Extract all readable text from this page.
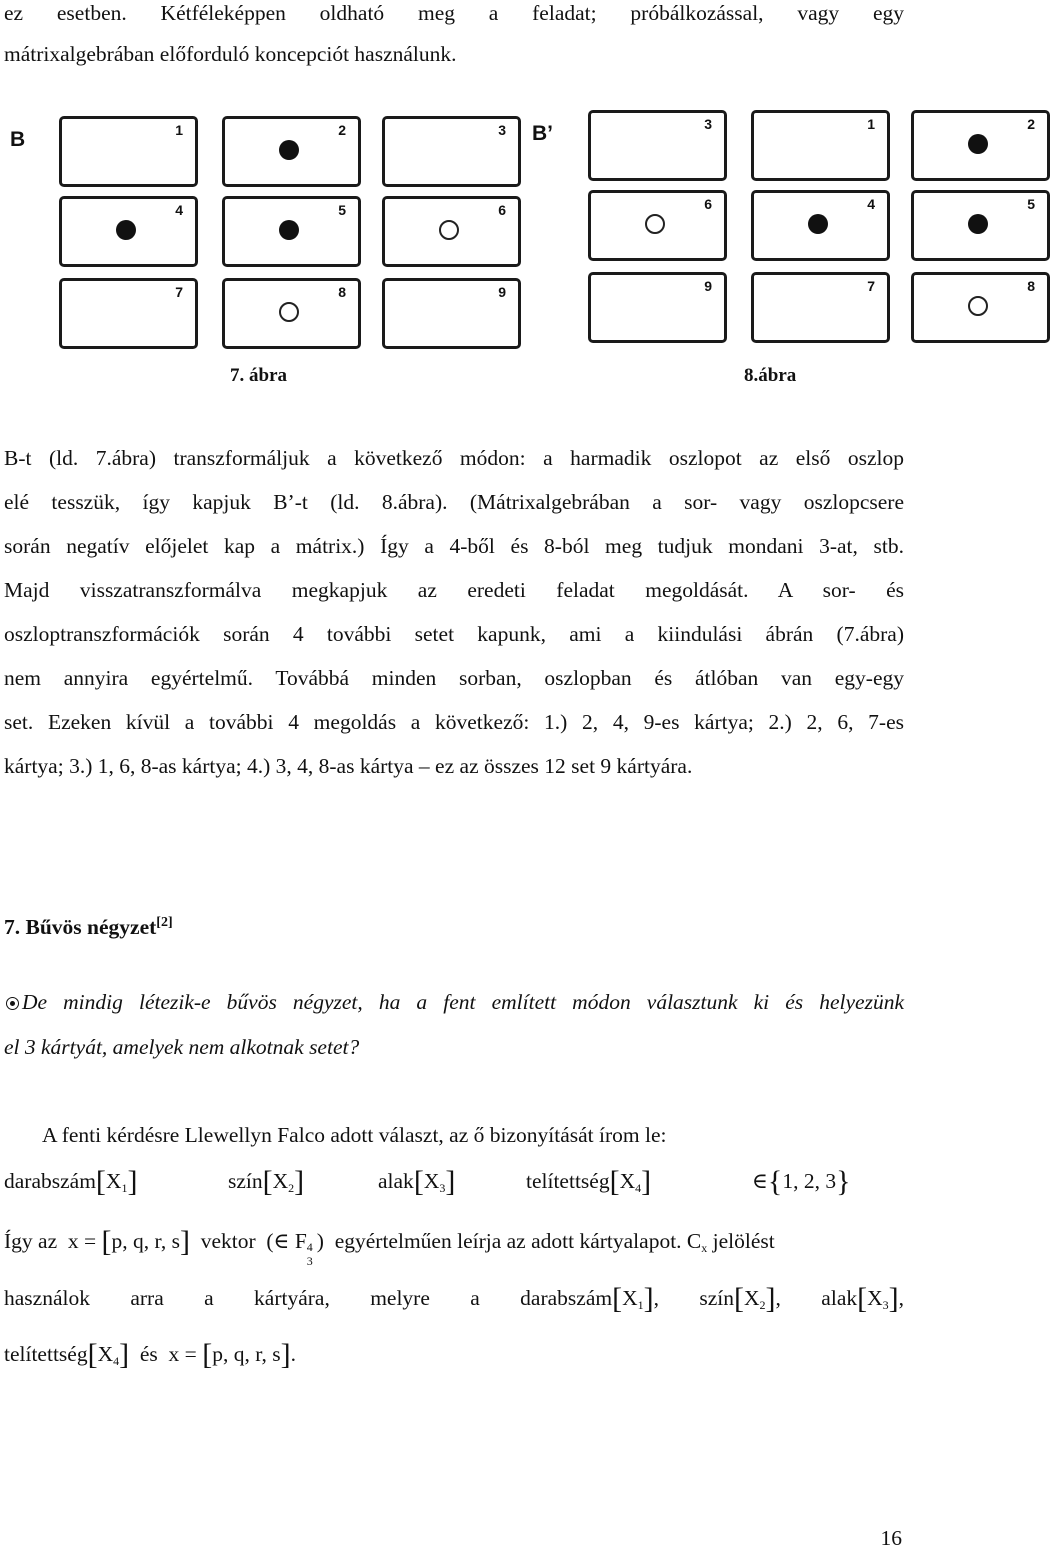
ez esetben. Kétféleképpen oldható meg a feladat; próbálkozással, vagy egy
mátrixalgebrában előforduló koncepciót használunk.
B	1	2	3
4	5	6
7	8	9
7. ábra
B’	3	1	2
6	4	5
9	7	8
8.ábra
B-t (ld. 7.ábra) transzformáljuk a következő módon: a harmadik oszlopot az első oszlop
elé tesszük, így kapjuk B’-t (ld. 8.ábra). (Mátrixalgebrában a sor- vagy oszlopcsere
során negatív előjelet kap a mátrix.) Így a 4-ből és 8-ból meg tudjuk mondani 3-at, stb.
Majd visszatranszformálva megkapjuk az eredeti feladat megoldását. A sor- és
oszloptranszformációk során 4 további setet kapunk, ami a kiindulási ábrán (7.ábra)
nem annyira egyértelmű. Továbbá minden sorban, oszlopban és átlóban van egy-egy
set. Ezeken kívül a további 4 megoldás a következő: 1.) 2, 4, 9-es kártya; 2.) 2, 6, 7-es
kártya; 3.) 1, 6, 8-as kártya; 4.) 3, 4, 8-as kártya – ez az összes 12 set 9 kártyára.
7. Bűvös négyzet[2]
De mindig létezik-e bűvös négyzet, ha a fent említett módon választunk ki és helyezünk
el 3 kártyát, amelyek nem alkotnak setet?
A fenti kérdésre Llewellyn Falco adott választ, az ő bizonyítását írom le:
$darabszám[X_1]$	$szín[X_2]$	$alak[X_3]$	$telítettség[X_4]$	∈{1, 2, 3}
Így az x = [p, q, r, s] vektor  (∈ F 4
3
)  egyértelműen leírja az adott kártyalapot. $C_x$ jelölést
használok arra a kártyára, melyre a $darabszám[X_1]$, $szín[X_2]$, $alak[X_3]$,
$telítettség[X_4]$ és x = [p, q, r, s].
16
